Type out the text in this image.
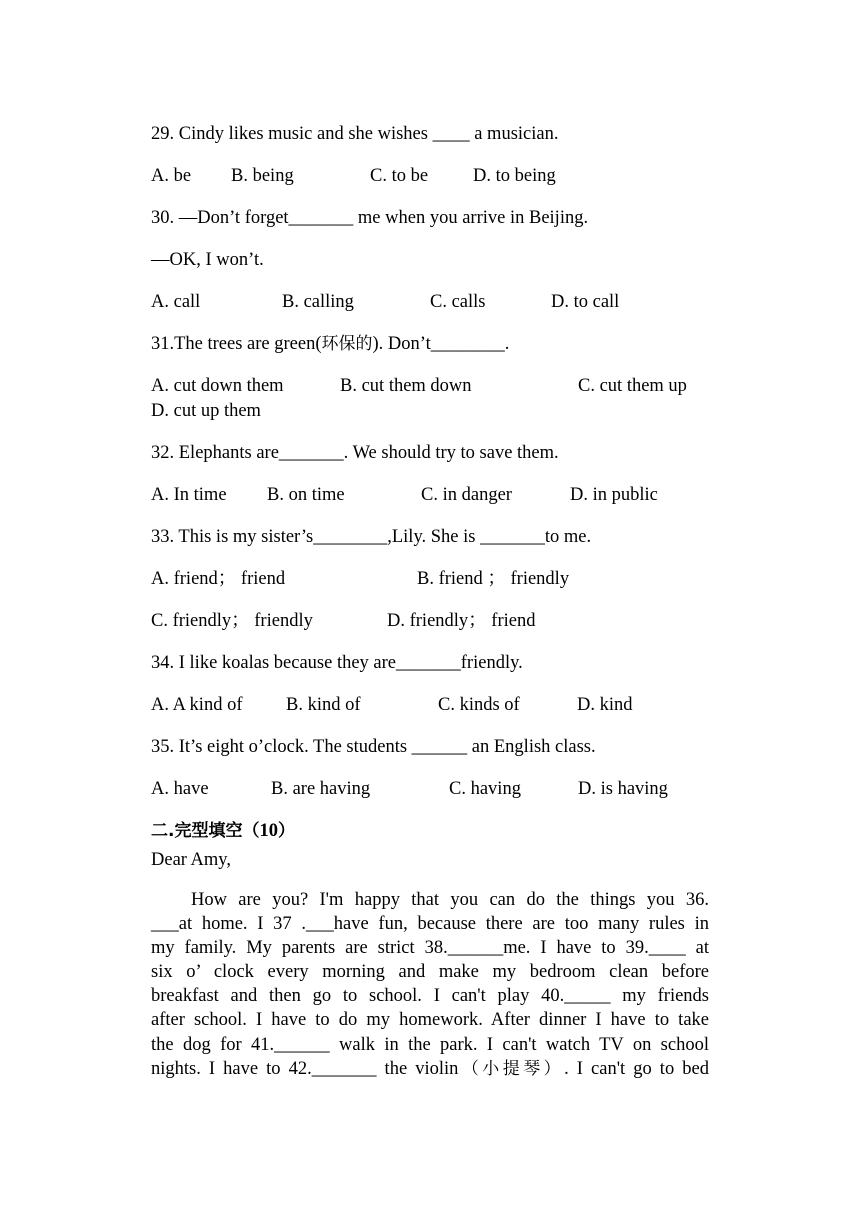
29. Cindy likes music and she wishes ____ a musician.
A. be B. being	C. to be D. to being
30. —Don’t forget_______ me when you arrive in Beijing.
—OK, I won’t.
A. call	B. calling	C. calls	D. to call
31.The trees are green(环保的). Don’t________.
A. cut down them	B. cut them down	C. cut them up
D. cut up them
32. Elephants are_______. We should try to save them.
A. In time B. on time	C. in danger	D. in public
33. This is my sister’s________,Lily. She is _______to me.
A. friend； friend	B. friend ； friendly
C. friendly； friendly	D. friendly； friend
34. I like koalas because they are_______friendly.
A. A kind of B. kind of	C. kinds of	D. kind
35. It’s eight o’clock. The students ______ an English class.
A. have	B. are having	C. having	D. is having
二.完型填空（10）
Dear Amy,
How are you? I'm happy that you can do the things you 36.
___at home. I 37 .___have fun, because there are too many rules in
my family. My parents are strict 38.______me. I have to 39.____ at
six o’ clock every morning and make my bedroom clean before
breakfast and then go to school. I can't play 40._____ my friends
after school. I have to do my homework. After dinner I have to take
the dog for 41.______ walk in the park. I can't watch TV on school
nights. I have to 42._______ the violin（小提琴）. I can't go to bed
